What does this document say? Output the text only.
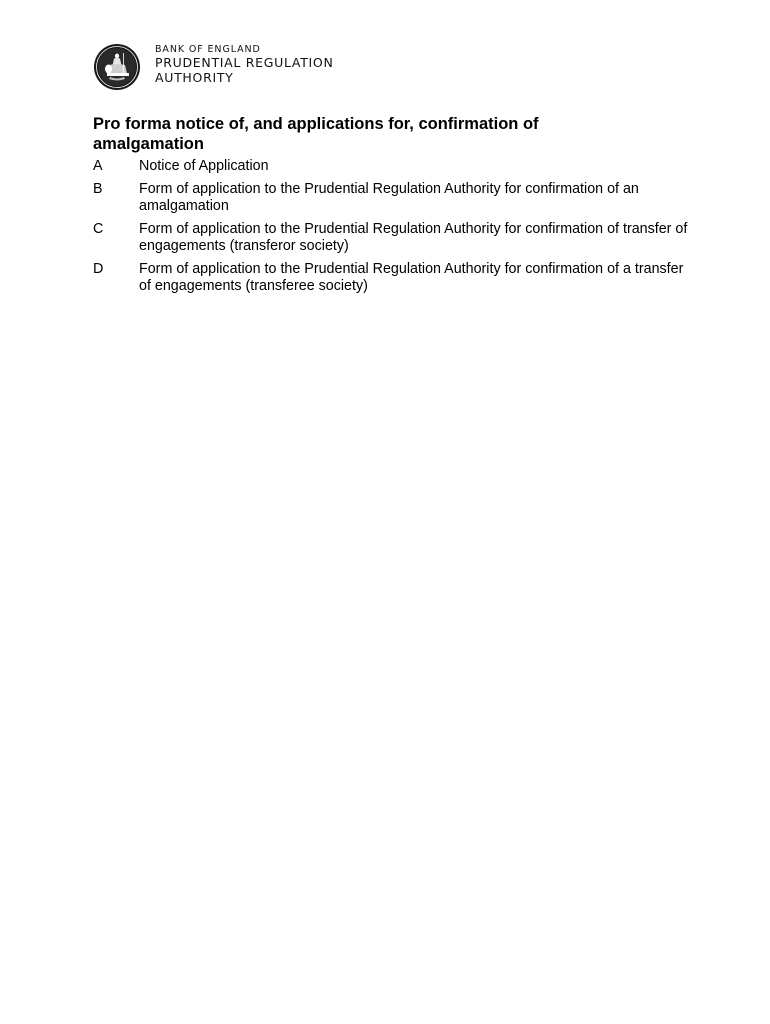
BANK OF ENGLAND
PRUDENTIAL REGULATION
AUTHORITY
Pro forma notice of, and applications for, confirmation of amalgamation
A	Notice of Application
B	Form of application to the Prudential Regulation Authority for confirmation of an amalgamation
C	Form of application to the Prudential Regulation Authority for confirmation of transfer of engagements (transferor society)
D	Form of application to the Prudential Regulation Authority for confirmation of a transfer of engagements (transferee society)
